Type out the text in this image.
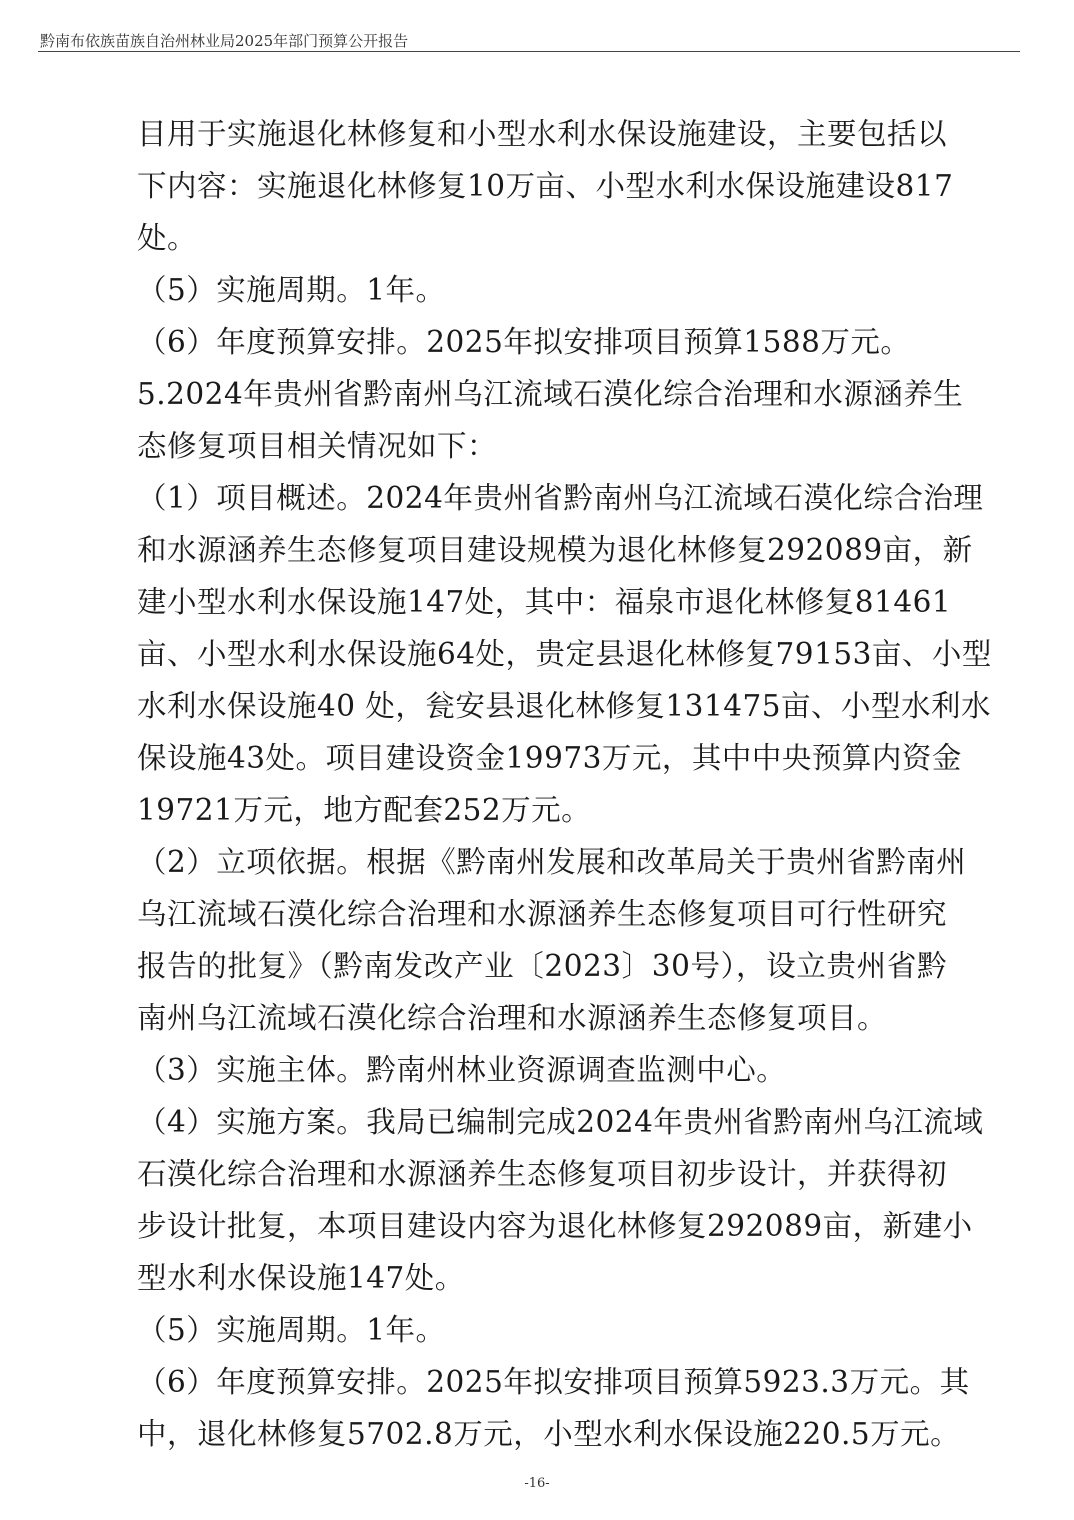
黔南布依族苗族自治州林业局2025年部门预算公开报告
目用于实施退化林修复和小型水利水保设施建设，主要包括以
下内容：实施退化林修复10万亩、小型水利水保设施建设817
处。
（5）实施周期。1年。
（6）年度预算安排。2025年拟安排项目预算1588万元。
5.2024年贵州省黔南州乌江流域石漠化综合治理和水源涵养生
态修复项目相关情况如下：
（1）项目概述。2024年贵州省黔南州乌江流域石漠化综合治理
和水源涵养生态修复项目建设规模为退化林修复292089亩，新
建小型水利水保设施147处，其中：福泉市退化林修复81461
亩、小型水利水保设施64处，贵定县退化林修复79153亩、小型
水利水保设施40 处，瓮安县退化林修复131475亩、小型水利水
保设施43处。项目建设资金19973万元，其中中央预算内资金
19721万元，地方配套252万元。
（2）立项依据。根据《黔南州发展和改革局关于贵州省黔南州
乌江流域石漠化综合治理和水源涵养生态修复项目可行性研究
报告的批复》（黔南发改产业〔2023〕30号），设立贵州省黔
南州乌江流域石漠化综合治理和水源涵养生态修复项目。
（3）实施主体。黔南州林业资源调查监测中心。
（4）实施方案。我局已编制完成2024年贵州省黔南州乌江流域
石漠化综合治理和水源涵养生态修复项目初步设计，并获得初
步设计批复，本项目建设内容为退化林修复292089亩，新建小
型水利水保设施147处。
（5）实施周期。1年。
（6）年度预算安排。2025年拟安排项目预算5923.3万元。其
中，退化林修复5702.8万元，小型水利水保设施220.5万元。
-16-
